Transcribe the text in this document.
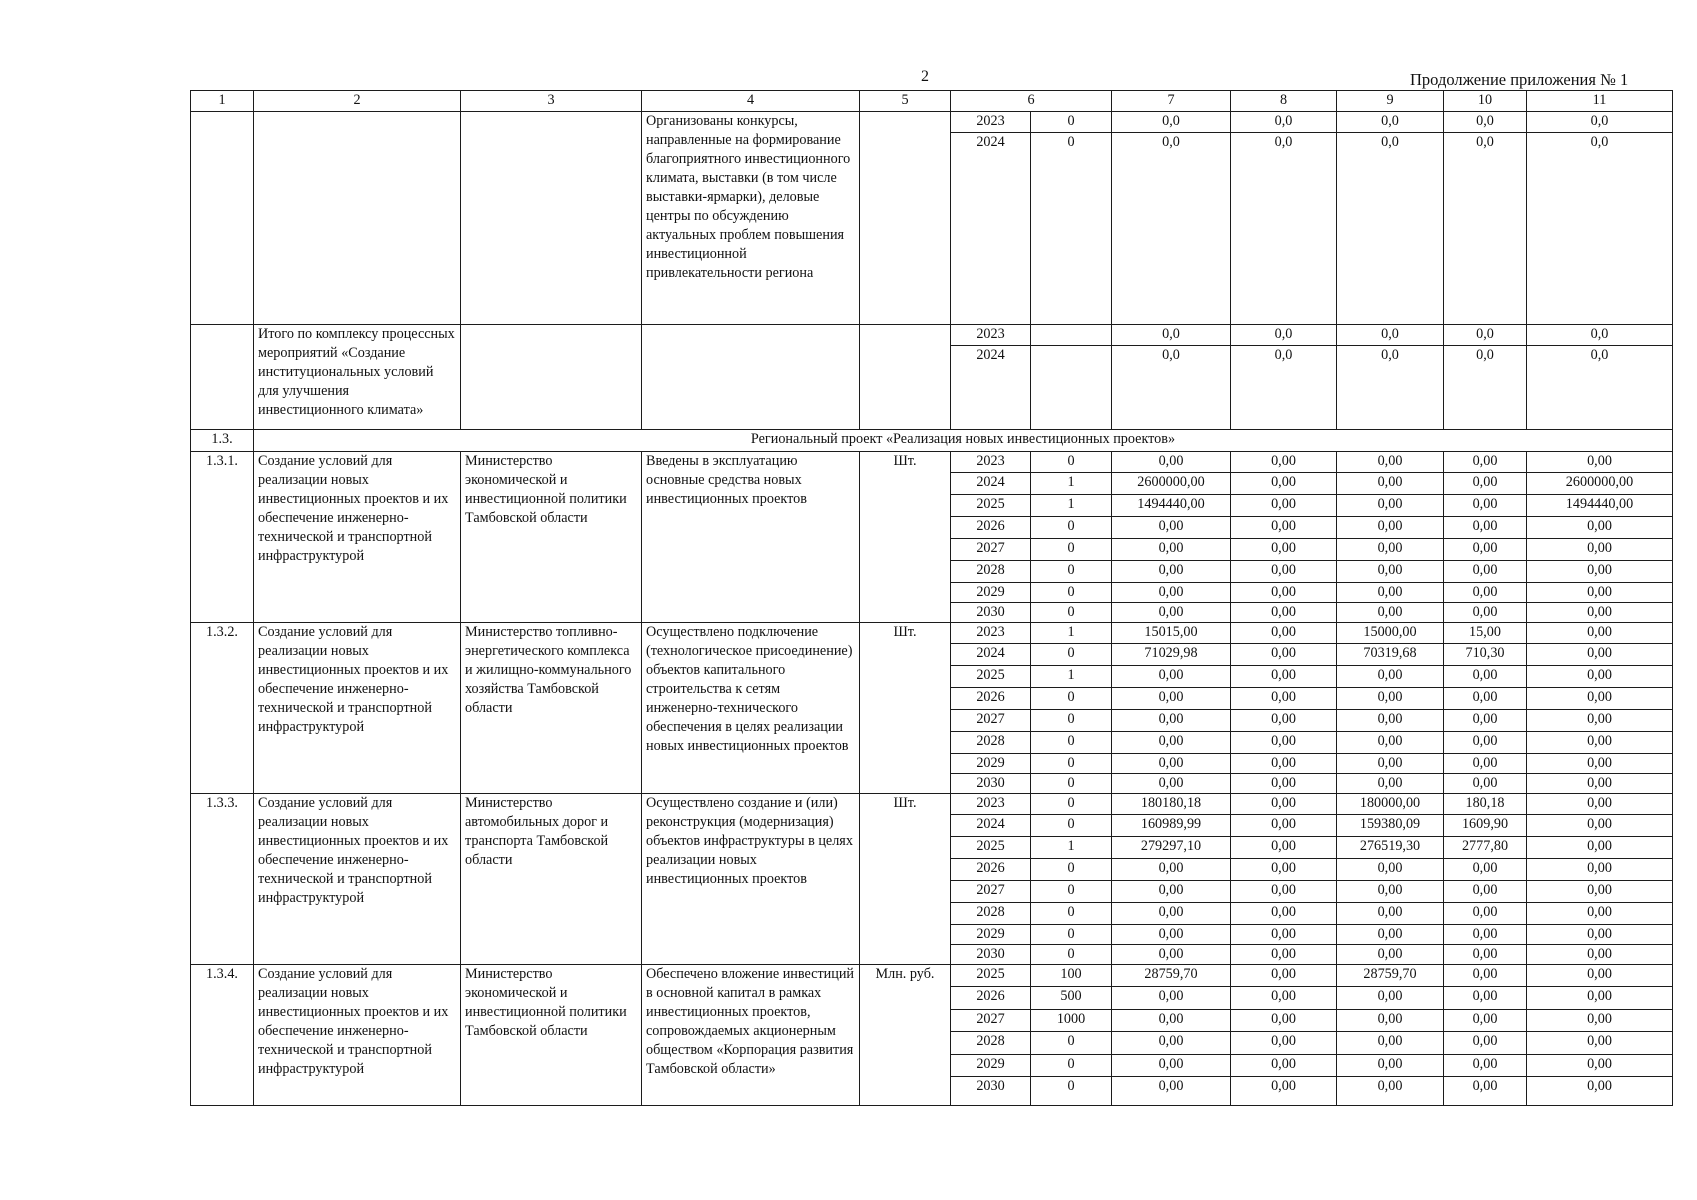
2	Продолжение приложения № 1
1	2	3	4	5	6		7	8	9	10	11
			Организованы конкурсы, направленные на формирование благоприятного инвестиционного климата, выставки (в том числе выставки-ярмарки), деловые центры по обсуждению актуальных проблем повышения инвестиционной привлекательности региона		2023	0	0,0	0,0	0,0	0,0	0,0
					2024	0	0,0	0,0	0,0	0,0	0,0
	Итого по комплексу процессных мероприятий «Создание институциональных условий для улучшения инвестиционного климата»				2023		0,0	0,0	0,0	0,0	0,0
					2024		0,0	0,0	0,0	0,0	0,0
1.3.	Региональный проект «Реализация новых инвестиционных проектов»										
1.3.1.	Создание условий для реализации новых инвестиционных проектов и их обеспечение инженерно-технической и транспортной инфраструктурой	Министерство экономической и инвестиционной политики Тамбовской области	Введены в эксплуатацию основные средства новых инвестиционных проектов	Шт.	2023	0	0,00	0,00	0,00	0,00	0,00
					2024	1	2600000,00	0,00	0,00	0,00	2600000,00
					2025	1	1494440,00	0,00	0,00	0,00	1494440,00
					2026	0	0,00	0,00	0,00	0,00	0,00
					2027	0	0,00	0,00	0,00	0,00	0,00
					2028	0	0,00	0,00	0,00	0,00	0,00
					2029	0	0,00	0,00	0,00	0,00	0,00
					2030	0	0,00	0,00	0,00	0,00	0,00
1.3.2.	Создание условий для реализации новых инвестиционных проектов и их обеспечение инженерно-технической и транспортной инфраструктурой	Министерство топливно-энергетического комплекса и жилищно-коммунального хозяйства Тамбовской области	Осуществлено подключение (технологическое присоединение) объектов капитального строительства к сетям инженерно-технического обеспечения в целях реализации новых инвестиционных проектов	Шт.	2023	1	15015,00	0,00	15000,00	15,00	0,00
					2024	0	71029,98	0,00	70319,68	710,30	0,00
					2025	1	0,00	0,00	0,00	0,00	0,00
					2026	0	0,00	0,00	0,00	0,00	0,00
					2027	0	0,00	0,00	0,00	0,00	0,00
					2028	0	0,00	0,00	0,00	0,00	0,00
					2029	0	0,00	0,00	0,00	0,00	0,00
					2030	0	0,00	0,00	0,00	0,00	0,00
1.3.3.	Создание условий для реализации новых инвестиционных проектов и их обеспечение инженерно-технической и транспортной инфраструктурой	Министерство автомобильных дорог и транспорта Тамбовской области	Осуществлено создание и (или) реконструкция (модернизация) объектов инфраструктуры в целях реализации новых инвестиционных проектов	Шт.	2023	0	180180,18	0,00	180000,00	180,18	0,00
					2024	0	160989,99	0,00	159380,09	1609,90	0,00
					2025	1	279297,10	0,00	276519,30	2777,80	0,00
					2026	0	0,00	0,00	0,00	0,00	0,00
					2027	0	0,00	0,00	0,00	0,00	0,00
					2028	0	0,00	0,00	0,00	0,00	0,00
					2029	0	0,00	0,00	0,00	0,00	0,00
					2030	0	0,00	0,00	0,00	0,00	0,00
1.3.4.	Создание условий для реализации новых инвестиционных проектов и их обеспечение инженерно-технической и транспортной инфраструктурой	Министерство экономической и инвестиционной политики Тамбовской области	Обеспечено вложение инвестиций в основной капитал в рамках инвестиционных проектов, сопровождаемых акционерным обществом «Корпорация развития Тамбовской области»	Млн. руб.	2025	100	28759,70	0,00	28759,70	0,00	0,00
					2026	500	0,00	0,00	0,00	0,00	0,00
					2027	1000	0,00	0,00	0,00	0,00	0,00
					2028	0	0,00	0,00	0,00	0,00	0,00
					2029	0	0,00	0,00	0,00	0,00	0,00
					2030	0	0,00	0,00	0,00	0,00	0,00
